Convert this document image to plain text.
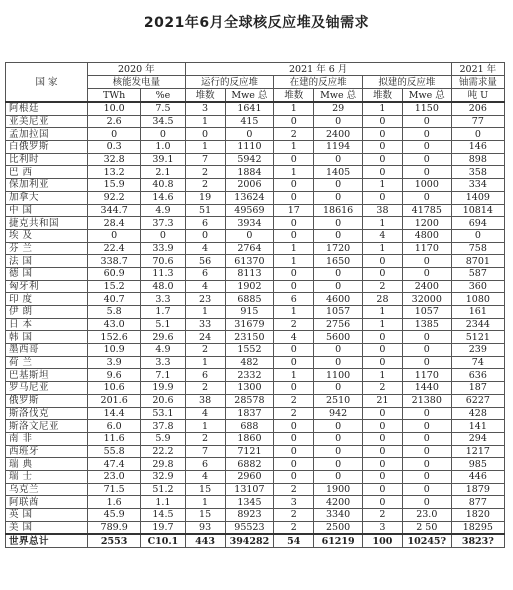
2021年6月全球核反应堆及铀需求
国 家	2020 年		2021 年 6 月						2021 年
	核能发电量		运行的反应堆		在建的反应堆		拟建的反应堆		铀需求量
	TWh	%e	堆数	Mwe 总	堆数	Mwe 总	堆数	Mwe 总	吨 U
阿根廷	10.0	7.5	3	1641	1	29	1	1150	206
亚美尼亚	2.6	34.5	1	415	0	0	0	0	77
孟加拉国	0	0	0	0	2	2400	0	0	0
白俄罗斯	0.3	1.0	1	1110	1	1194	0	0	146
比利时	32.8	39.1	7	5942	0	0	0	0	898
巴 西	13.2	2.1	2	1884	1	1405	0	0	358
保加利亚	15.9	40.8	2	2006	0	0	1	1000	334
加拿大	92.2	14.6	19	13624	0	0	0	0	1409
中 国	344.7	4.9	51	49569	17	18616	38	41785	10814
捷克共和国	28.4	37.3	6	3934	0	0	1	1200	694
埃 及	0	0	0	0	0	0	4	4800	0
芬 兰	22.4	33.9	4	2764	1	1720	1	1170	758
法 国	338.7	70.6	56	61370	1	1650	0	0	8701
德 国	60.9	11.3	6	8113	0	0	0	0	587
匈牙利	15.2	48.0	4	1902	0	0	2	2400	360
印 度	40.7	3.3	23	6885	6	4600	28	32000	1080
伊 朗	5.8	1.7	1	915	1	1057	1	1057	161
日 本	43.0	5.1	33	31679	2	2756	1	1385	2344
韩 国	152.6	29.6	24	23150	4	5600	0	0	5121
墨西哥	10.9	4.9	2	1552	0	0	0	0	239
荷 兰	3.9	3.3	1	482	0	0	0	0	74
巴基斯坦	9.6	7.1	6	2332	1	1100	1	1170	636
罗马尼亚	10.6	19.9	2	1300	0	0	2	1440	187
俄罗斯	201.6	20.6	38	28578	2	2510	21	21380	6227
斯洛伐克	14.4	53.1	4	1837	2	942	0	0	428
斯洛文尼亚	6.0	37.8	1	688	0	0	0	0	141
南 非	11.6	5.9	2	1860	0	0	0	0	294
西班牙	55.8	22.2	7	7121	0	0	0	0	1217
瑞 典	47.4	29.8	6	6882	0	0	0	0	985
瑞 士	23.0	32.9	4	2960	0	0	0	0	446
乌克兰	71.5	51.2	15	13107	2	1900	0	0	1879
阿联酋	1.6	1.1	1	1345	3	4200	0	0	877
英 国	45.9	14.5	15	8923	2	3340	2	23.0	1820
美 国	789.9	19.7	93	95523	2	2500	3	2 50	18295
世界总计	2553	C10.1	443	394282	54	61219	100	10245?	3823?
